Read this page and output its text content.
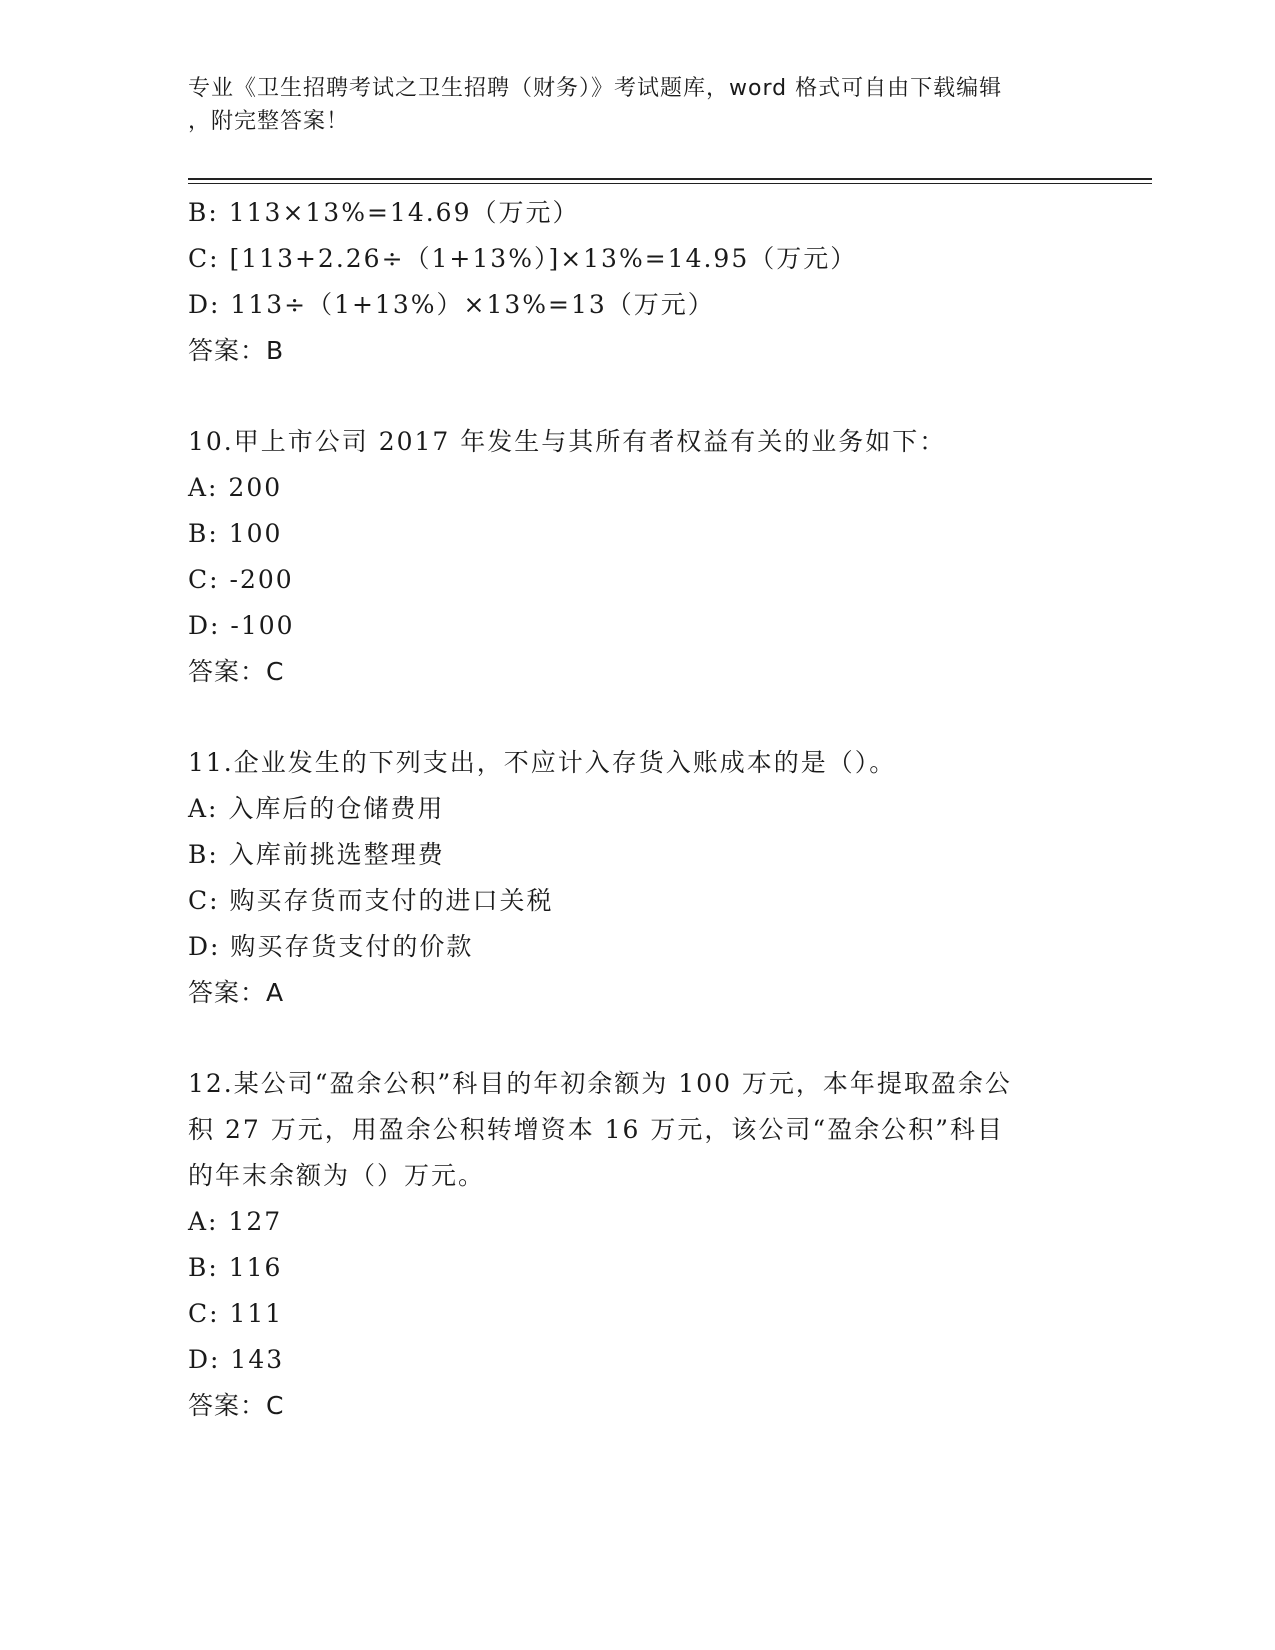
专业《卫生招聘考试之卫生招聘（财务）》考试题库，word 格式可自由下载编辑
，附完整答案！
B: 113×13%=14.69（万元）
C: [113+2.26÷（1+13%）]×13%=14.95（万元）
D: 113÷（1+13%）×13%=13（万元）
答案：B
10.甲上市公司 2017 年发生与其所有者权益有关的业务如下：
A: 200
B: 100
C: -200
D: -100
答案：C
11.企业发生的下列支出，不应计入存货入账成本的是（）。
A: 入库后的仓储费用
B: 入库前挑选整理费
C: 购买存货而支付的进口关税
D: 购买存货支付的价款
答案：A
12.某公司“盈余公积”科目的年初余额为 100 万元，本年提取盈余公
积 27 万元，用盈余公积转增资本 16 万元，该公司“盈余公积”科目
的年末余额为（）万元。
A: 127
B: 116
C: 111
D: 143
答案：C
